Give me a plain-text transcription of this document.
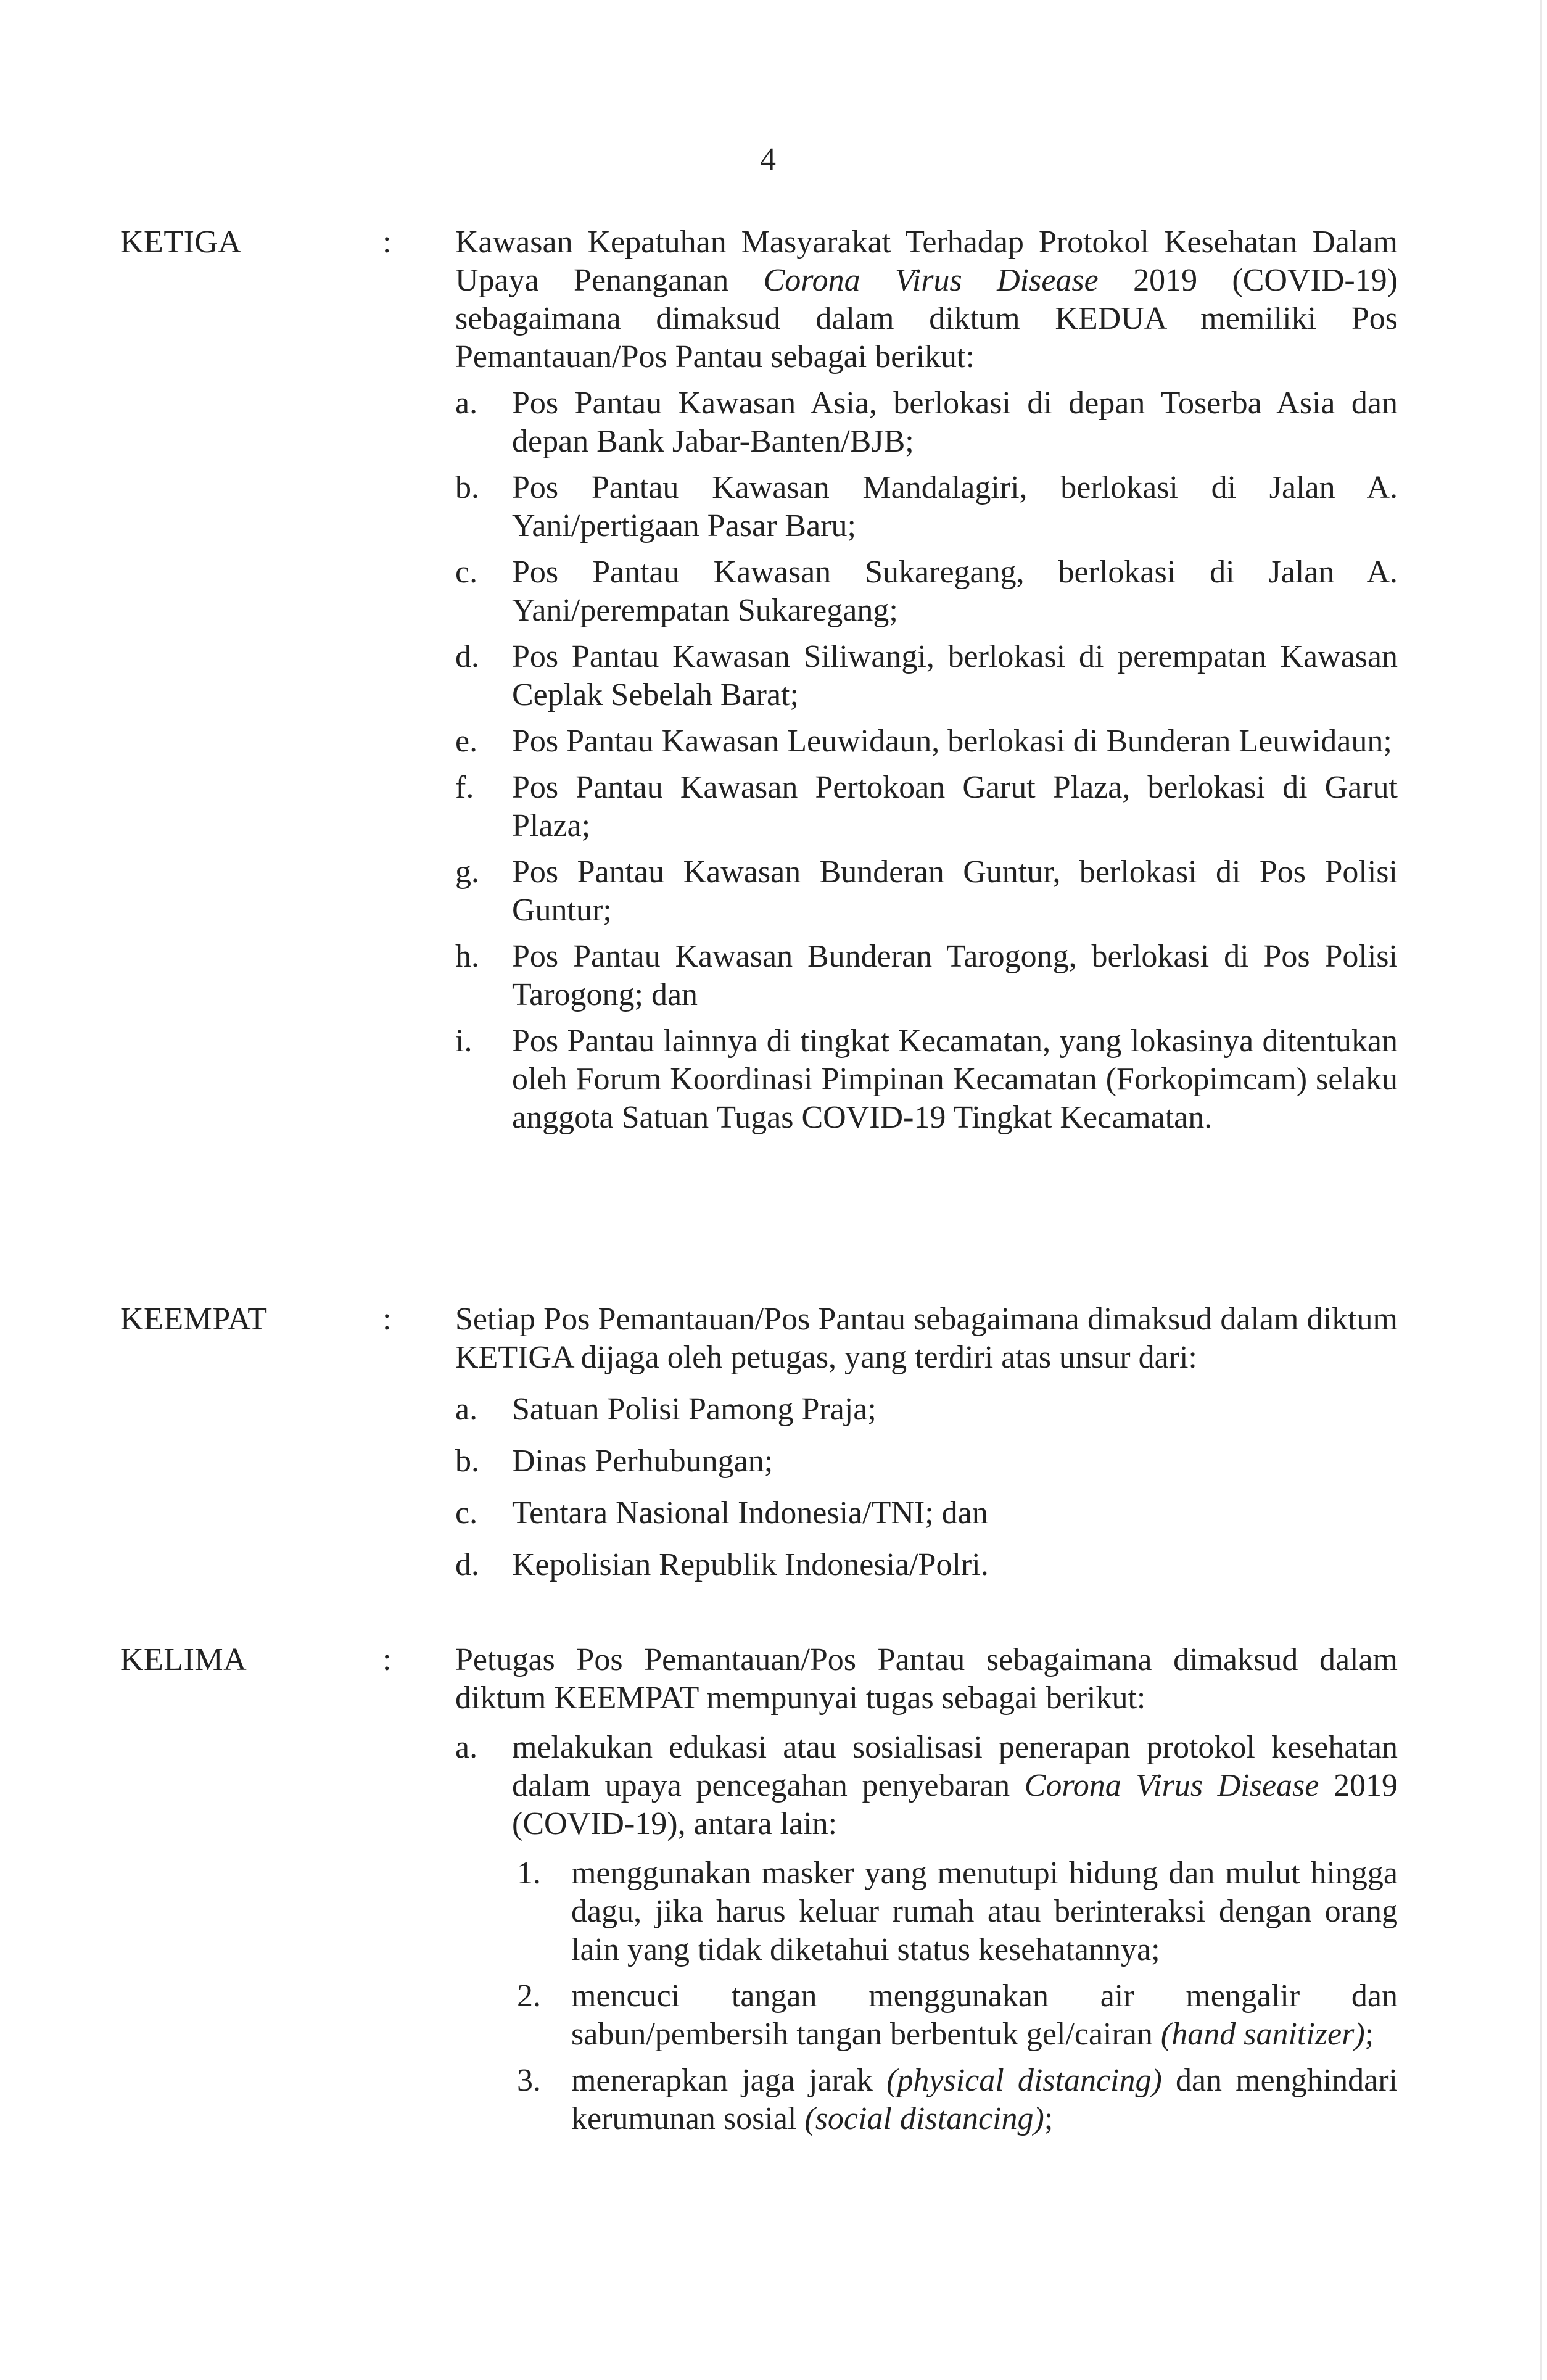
4
KETIGA	: Kawasan Kepatuhan Masyarakat Terhadap Protokol Kesehatan Dalam Upaya Penanganan Corona Virus Disease 2019 (COVID-19) sebagaimana dimaksud dalam diktum KEDUA memiliki Pos Pemantauan/Pos Pantau sebagai berikut:
a. Pos Pantau Kawasan Asia, berlokasi di depan Toserba Asia dan depan Bank Jabar-Banten/BJB;
b. Pos Pantau Kawasan Mandalagiri, berlokasi di Jalan A. Yani/pertigaan Pasar Baru;
c. Pos Pantau Kawasan Sukaregang, berlokasi di Jalan A. Yani/perempatan Sukaregang;
d. Pos Pantau Kawasan Siliwangi, berlokasi di perempatan Kawasan Ceplak Sebelah Barat;
e. Pos Pantau Kawasan Leuwidaun, berlokasi di Bunderan Leuwidaun;
f. Pos Pantau Kawasan Pertokoan Garut Plaza, berlokasi di Garut Plaza;
g. Pos Pantau Kawasan Bunderan Guntur, berlokasi di Pos Polisi Guntur;
h. Pos Pantau Kawasan Bunderan Tarogong, berlokasi di Pos Polisi Tarogong; dan
i. Pos Pantau lainnya di tingkat Kecamatan, yang lokasinya ditentukan oleh Forum Koordinasi Pimpinan Kecamatan (Forkopimcam) selaku anggota Satuan Tugas COVID-19 Tingkat Kecamatan.
KEEMPAT	: Setiap Pos Pemantauan/Pos Pantau sebagaimana dimaksud dalam diktum KETIGA dijaga oleh petugas, yang terdiri atas unsur dari:
a. Satuan Polisi Pamong Praja;
b. Dinas Perhubungan;
c. Tentara Nasional Indonesia/TNI; dan
d. Kepolisian Republik Indonesia/Polri.
KELIMA	: Petugas Pos Pemantauan/Pos Pantau sebagaimana dimaksud dalam diktum KEEMPAT mempunyai tugas sebagai berikut:
a. melakukan edukasi atau sosialisasi penerapan protokol kesehatan dalam upaya pencegahan penyebaran Corona Virus Disease 2019 (COVID-19), antara lain:
1. menggunakan masker yang menutupi hidung dan mulut hingga dagu, jika harus keluar rumah atau berinteraksi dengan orang lain yang tidak diketahui status kesehatannya;
2. mencuci tangan menggunakan air mengalir dan sabun/pembersih tangan berbentuk gel/cairan (hand sanitizer);
3. menerapkan jaga jarak (physical distancing) dan menghindari kerumunan sosial (social distancing);
